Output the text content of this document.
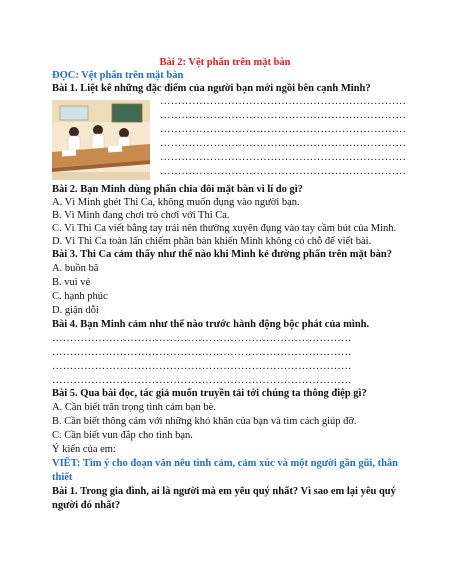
Bài 2: Vệt phấn trên mặt bàn
ĐỌC: Vệt phấn trên mặt bàn
Bài 1. Liệt kê những đặc điểm của người bạn mới ngồi bên cạnh Minh?
……………………………………………………………
……………………………………………………………
……………………………………………………………
……………………………………………………………
……………………………………………………………
……………………………………………………………
Bài 2. Bạn Minh dùng phấn chia đôi mặt bàn vì lí do gì?
A. Vì Minh ghét Thi Ca, không muốn đụng vào người bạn.
B. Vì Minh đang chơi trò chơi với Thi Ca.
C. Vì Thi Ca viết bằng tay trái nên thường xuyên đụng vào tay cầm bút của Minh.
D. Vì Thi Ca toàn lấn chiếm phần bàn khiến Minh không có chỗ để viết bài.
Bài 3. Thi Ca cảm thấy như thế nào khi Minh kẻ đường phấn trên mặt bàn?
A. buồn bã
B. vui vẻ
C. hạnh phúc
D. giận dỗi
Bài 4. Bạn Minh cảm như thế nào trước hành động bộc phát của mình.
…………………………………………………………………………
…………………………………………………………………………
…………………………………………………………………………
…………………………………………………………………………
Bài 5. Qua bài đọc, tác giả muốn truyền tải tới chúng ta thông điệp gì?
A. Cần biết trân trọng tình cảm bạn bè.
B. Cần biết thông cảm với những khó khăn của bạn và tìm cách giúp đỡ.
C. Cần biết vun đắp cho tình bạn.
Ý kiến của em:
VIẾT: Tìm ý cho đoạn văn nêu tình cảm, cảm xúc và một người gần gũi, thân
thiết
Bài 1. Trong gia đình, ai là người mà em yêu quý nhất? Vì sao em lại yêu quý
người đó nhất?
